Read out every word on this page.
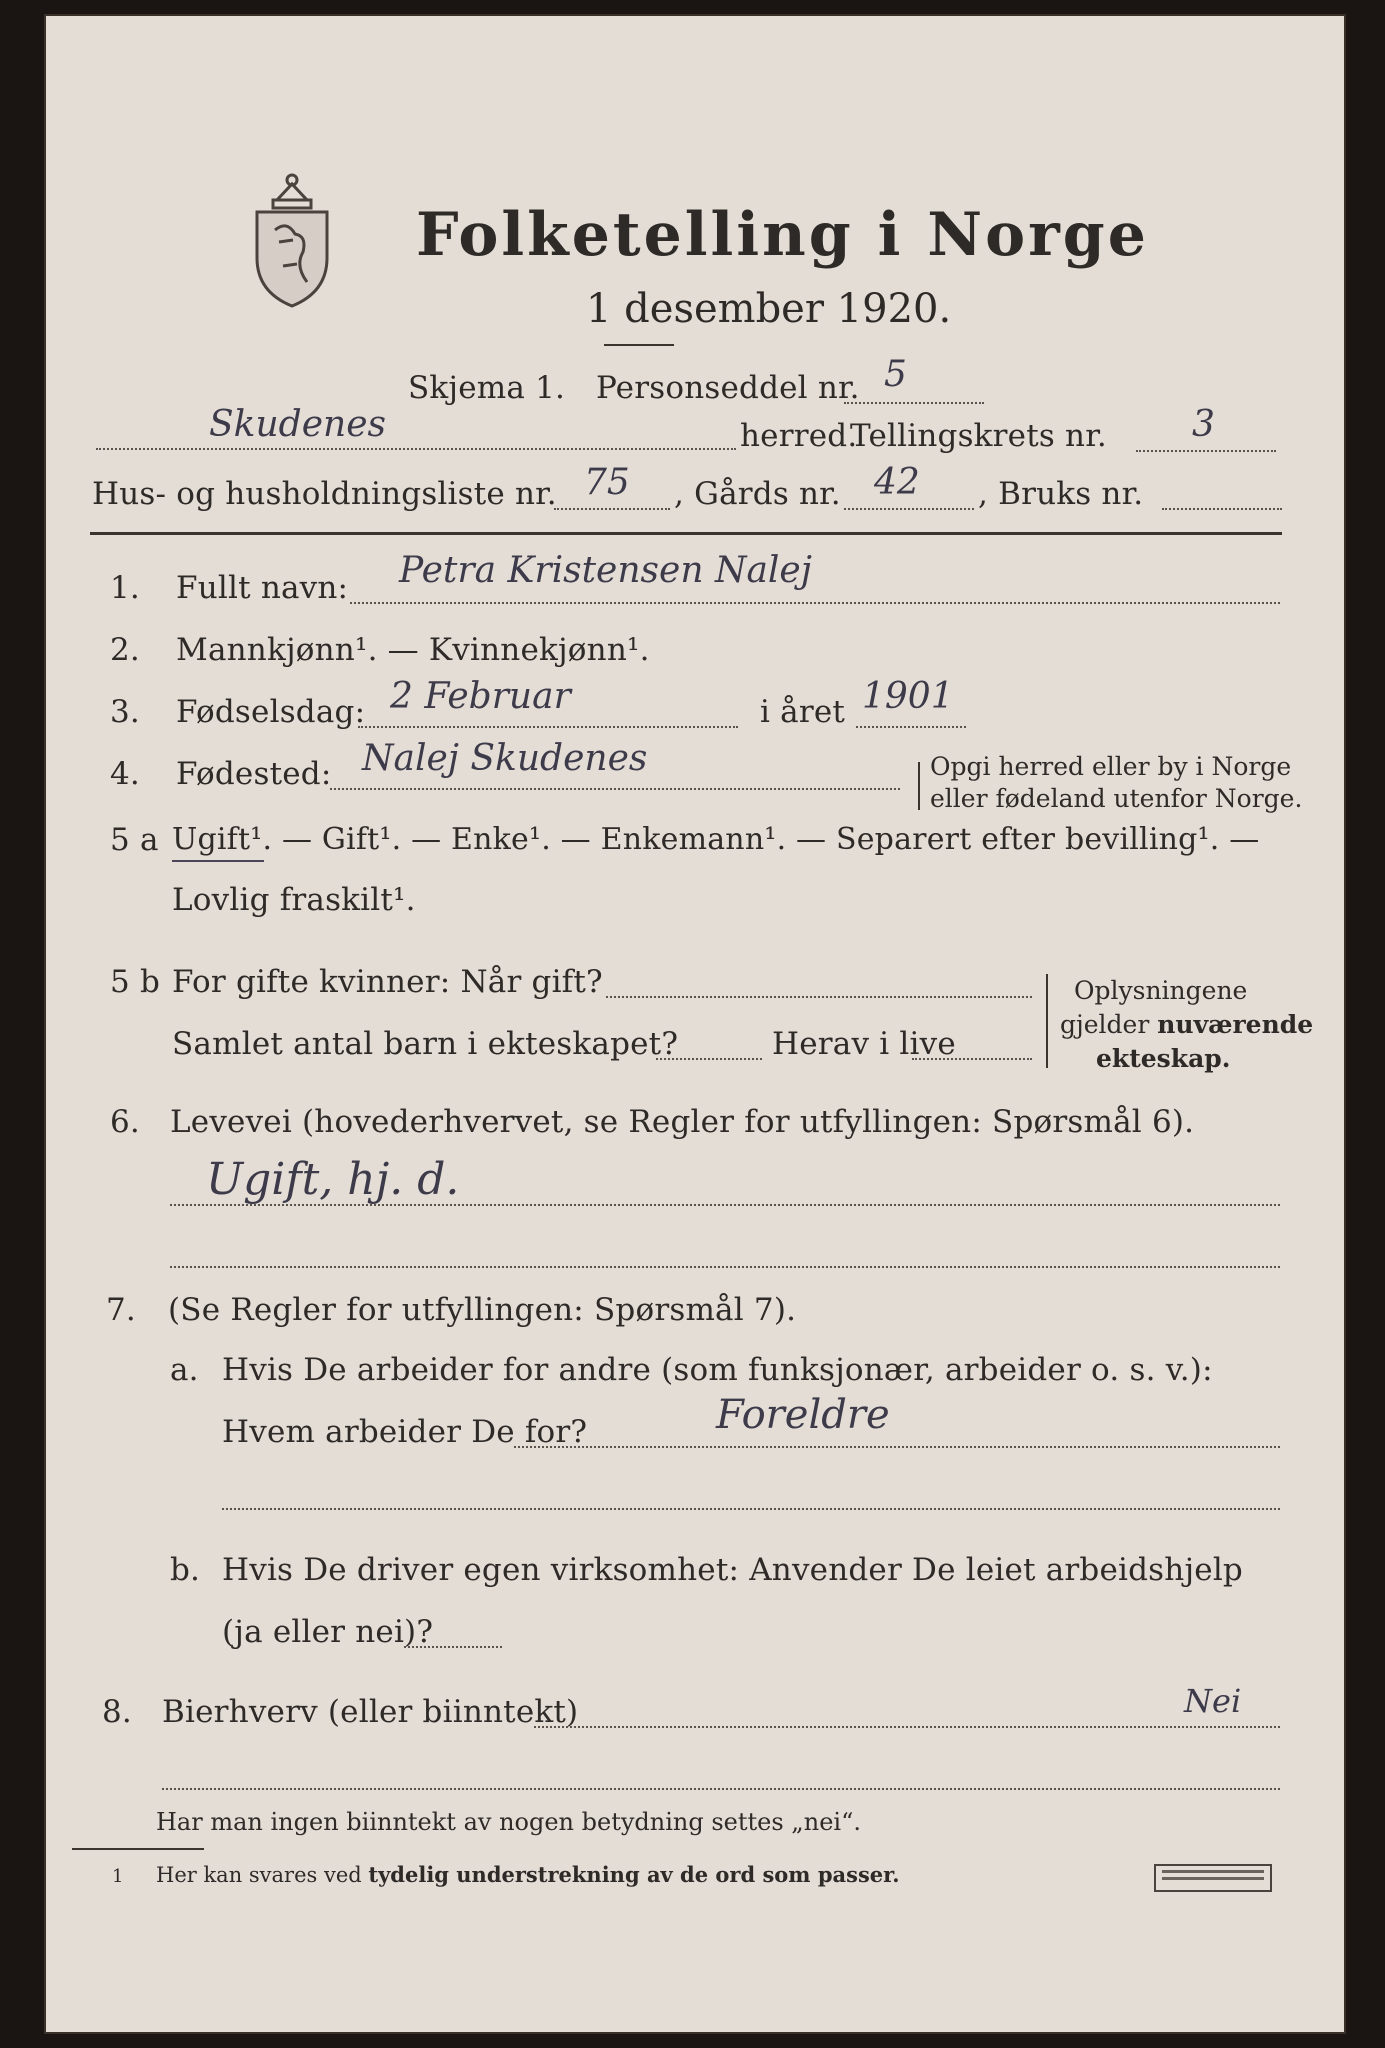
Folketelling i Norge
1 desember 1920.
Skjema 1. Personseddel nr. 5
Skudenes	herred.
Tellingskrets nr. 3
Hus- og husholdningsliste nr. 75 , Gårds nr. 42 , Bruks nr.
1. Fullt navn: Petra Kristensen Nalej
2. Mannkjønn¹. — Kvinnekjønn¹.
3. Fødselsdag: 2 Februar	i året 1901
4. Fødested: Nalej Skudenes	Opgi herred eller by i Norge
eller fødeland utenfor Norge.
5 a Ugift¹. — Gift¹. — Enke¹. — Enkemann¹. — Separert efter bevilling¹. —
Lovlig fraskilt¹.
5 b For gifte kvinner: Når gift?
Samlet antal barn i ekteskapet?	Herav i live
Oplysningene
gjelder nuværende
ekteskap.
6. Levevei (hovederhvervet, se Regler for utfyllingen: Spørsmål 6).
Ugift, hj. d.
7. (Se Regler for utfyllingen: Spørsmål 7).
a. Hvis De arbeider for andre (som funksjonær, arbeider o. s. v.):
Hvem arbeider De for?	Foreldre
b. Hvis De driver egen virksomhet: Anvender De leiet arbeidshjelp
(ja eller nei)?
8. Bierhverv (eller biinntekt)	Nei
Har man ingen biinntekt av nogen betydning settes „nei“.
1 Her kan svares ved tydelig understrekning av de ord som passer.
